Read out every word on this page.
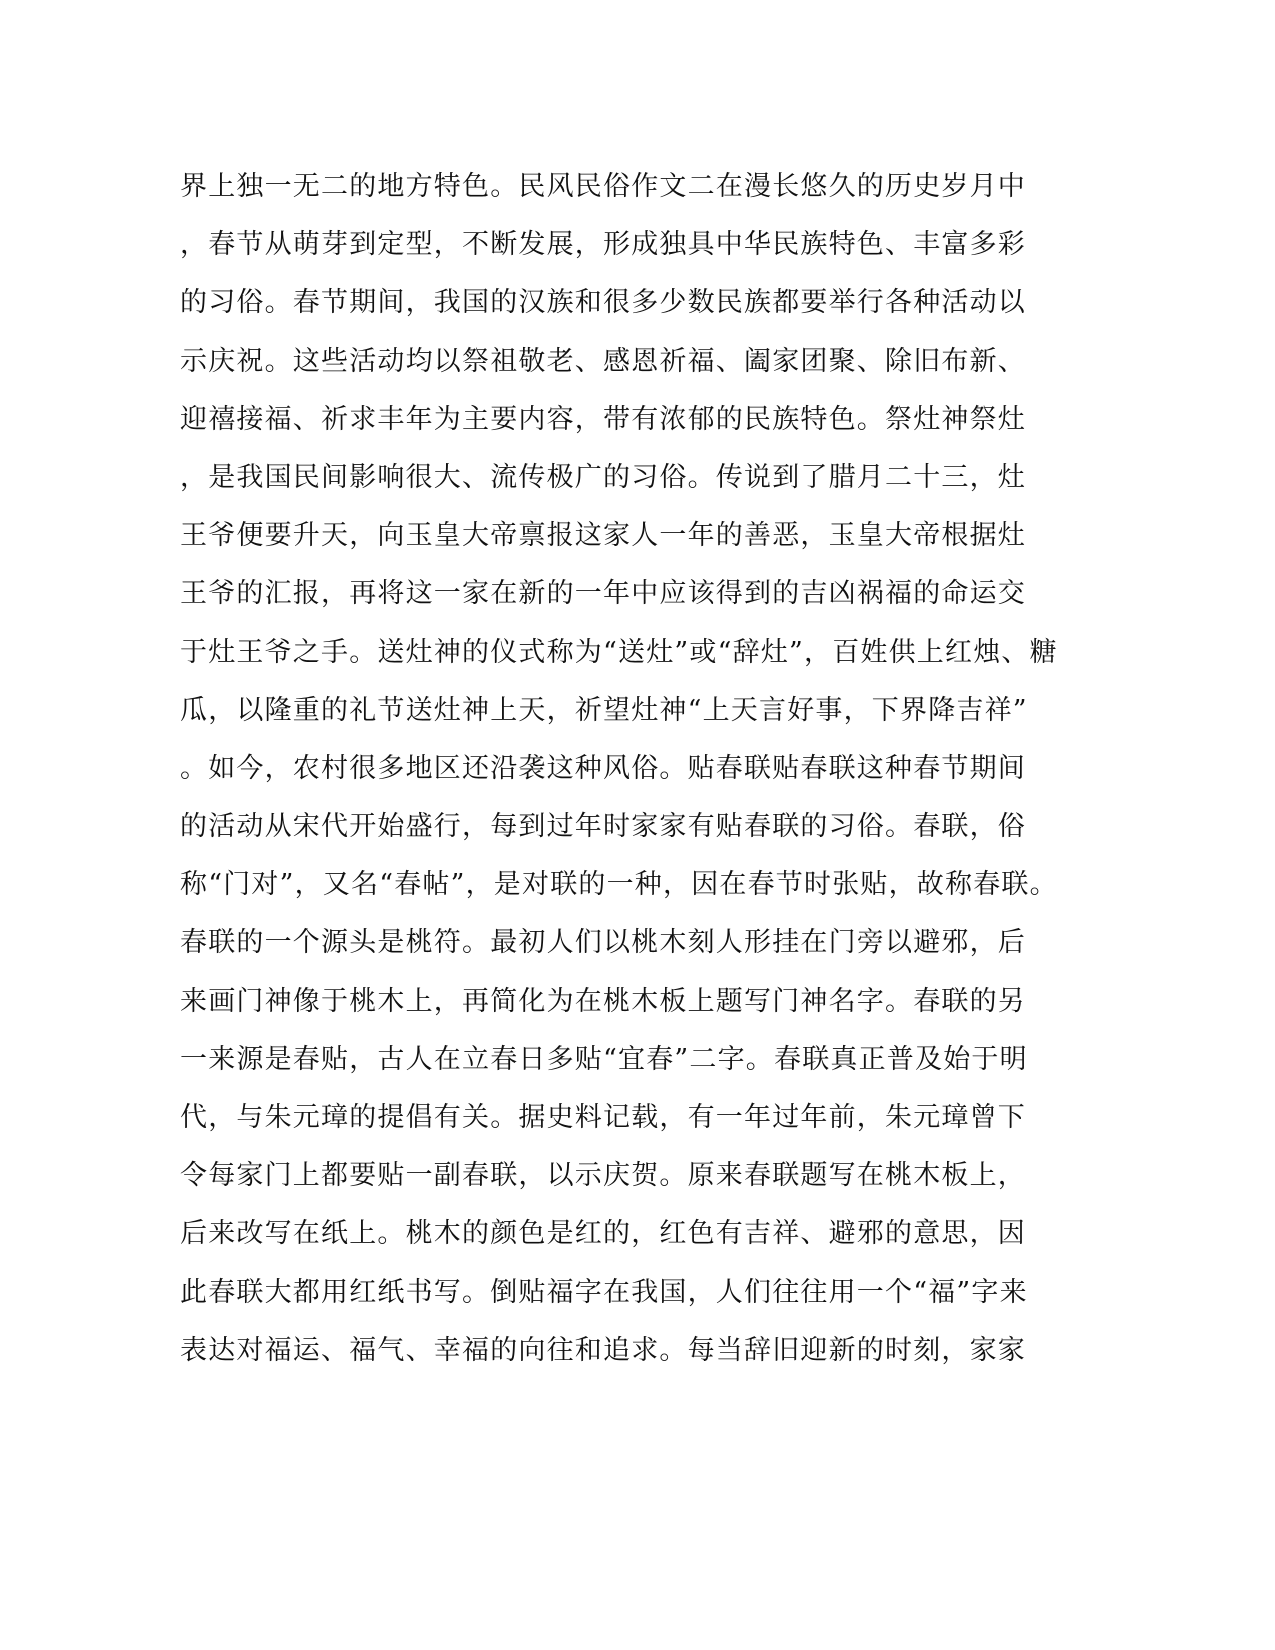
界上独一无二的地方特色。民风民俗作文二在漫长悠久的历史岁月中
，春节从萌芽到定型，不断发展，形成独具中华民族特色、丰富多彩
的习俗。春节期间，我国的汉族和很多少数民族都要举行各种活动以
示庆祝。这些活动均以祭祖敬老、感恩祈福、阖家团聚、除旧布新、
迎禧接福、祈求丰年为主要内容，带有浓郁的民族特色。祭灶神祭灶
，是我国民间影响很大、流传极广的习俗。传说到了腊月二十三，灶
王爷便要升天，向玉皇大帝禀报这家人一年的善恶，玉皇大帝根据灶
王爷的汇报，再将这一家在新的一年中应该得到的吉凶祸福的命运交
于灶王爷之手。送灶神的仪式称为“送灶”或“辞灶”，百姓供上红烛、糖
瓜，以隆重的礼节送灶神上天，祈望灶神“上天言好事，下界降吉祥”
。如今，农村很多地区还沿袭这种风俗。贴春联贴春联这种春节期间
的活动从宋代开始盛行，每到过年时家家有贴春联的习俗。春联，俗
称“门对”，又名“春帖”，是对联的一种，因在春节时张贴，故称春联。
春联的一个源头是桃符。最初人们以桃木刻人形挂在门旁以避邪，后
来画门神像于桃木上，再简化为在桃木板上题写门神名字。春联的另
一来源是春贴，古人在立春日多贴“宜春”二字。春联真正普及始于明
代，与朱元璋的提倡有关。据史料记载，有一年过年前，朱元璋曾下
令每家门上都要贴一副春联，以示庆贺。原来春联题写在桃木板上，
后来改写在纸上。桃木的颜色是红的，红色有吉祥、避邪的意思，因
此春联大都用红纸书写。倒贴福字在我国，人们往往用一个“福”字来
表达对福运、福气、幸福的向往和追求。每当辞旧迎新的时刻，家家
